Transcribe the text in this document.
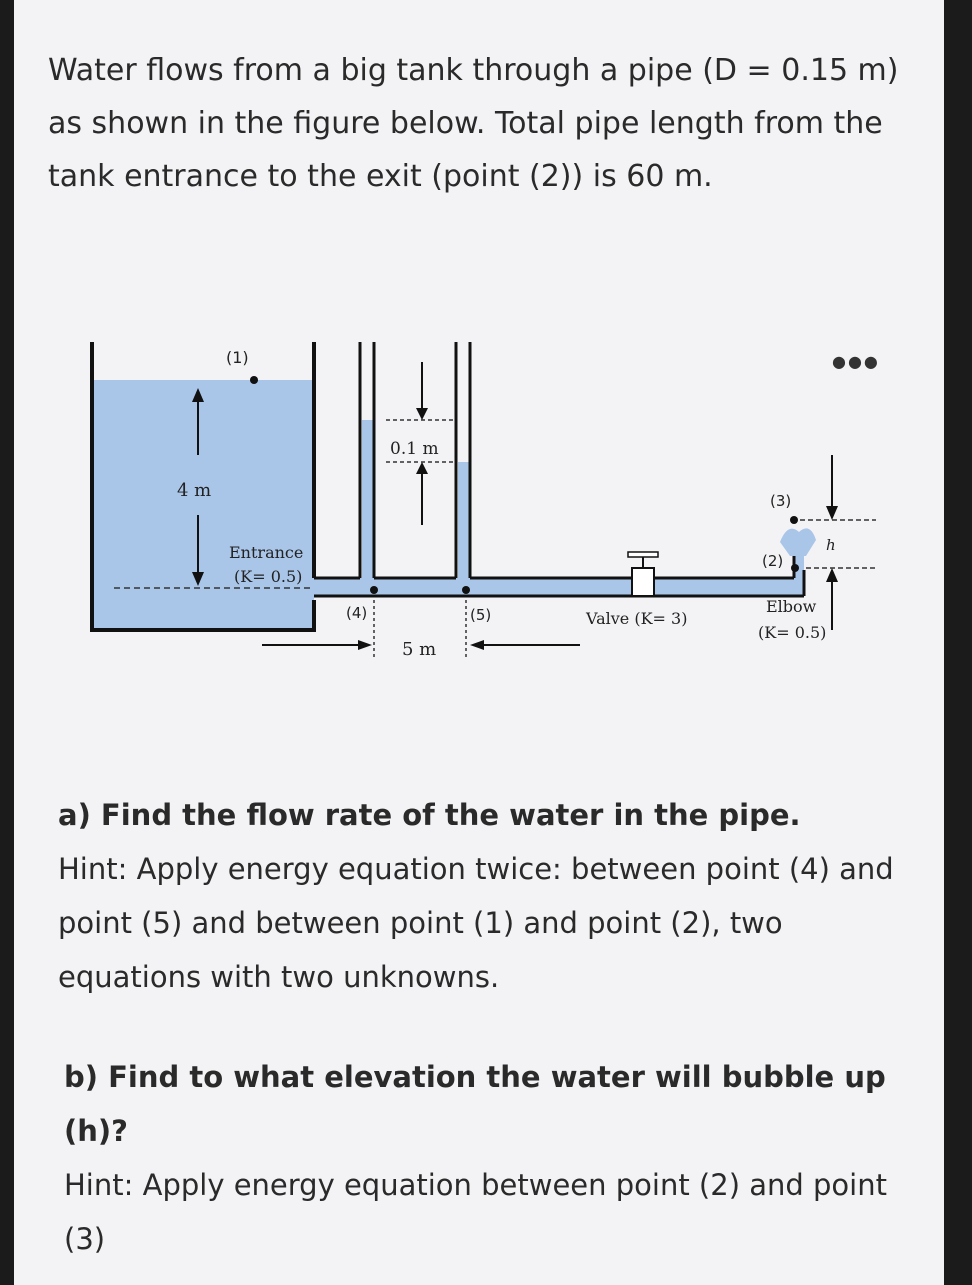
Water flows from a big tank through a pipe (D = 0.15 m) as shown in the figure below. Total pipe length from the tank entrance to the exit (point (2)) is 60 m.
●●●
0.1 m
4 m
(1)
Entrance
(K= 0.5)
(4)	(5)
5 m
Valve (K= 3)
(2)
(3)
h
Elbow
(K= 0.5)
a) Find the flow rate of the water in the pipe.
Hint: Apply energy equation twice: between point (4) and point (5) and between point (1) and point (2), two equations with two unknowns.
b) Find to what elevation the water will bubble up
(h)?
Hint: Apply energy equation between point (2) and point (3)
